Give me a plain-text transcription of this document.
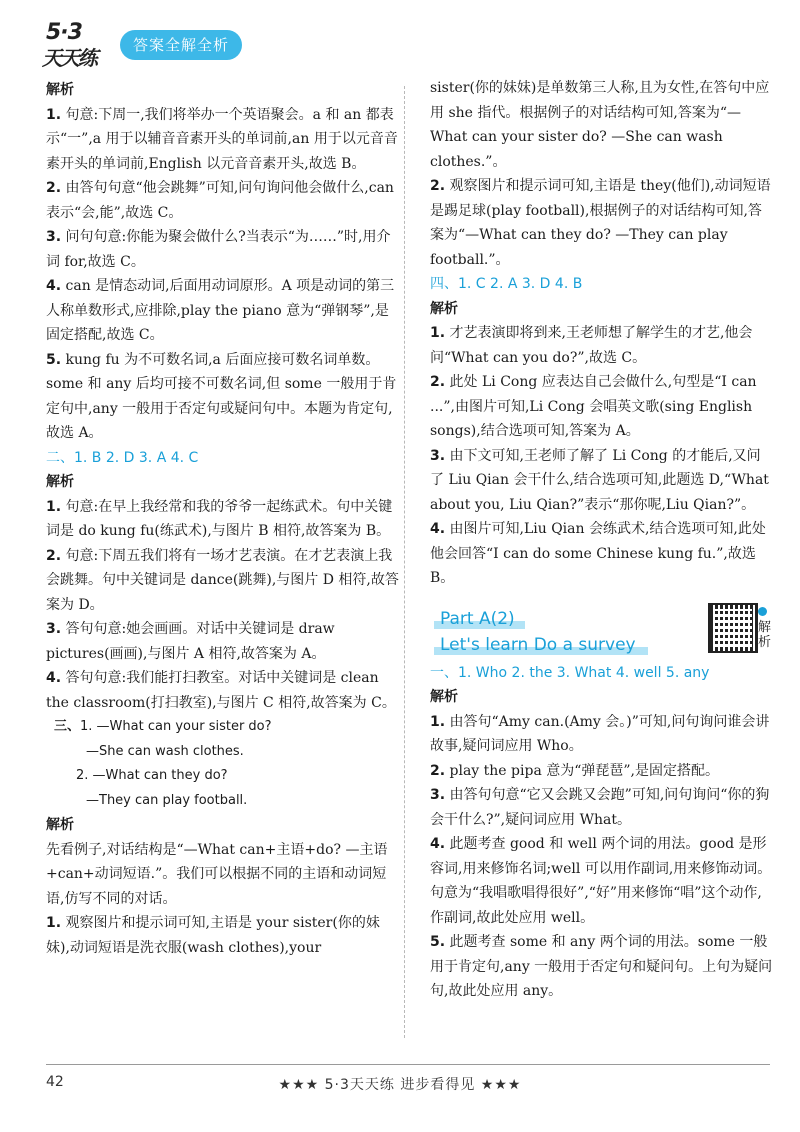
5·3
天天练
答案全解全析
解析

1. 句意:下周一,我们将举办一个英语聚会。a 和 an 都表示“一”,a 用于以辅音音素开头的单词前,an 用于以元音音素开头的单词前,English 以元音音素开头,故选 B。

2. 由答句句意“他会跳舞”可知,问句询问他会做什么,can 表示“会,能”,故选 C。

3. 问句句意:你能为聚会做什么?当表示“为……”时,用介词 for,故选 C。

4. can 是情态动词,后面用动词原形。A 项是动词的第三人称单数形式,应排除,play the piano 意为“弹钢琴”,是固定搭配,故选 C。

5. kung fu 为不可数名词,a 后面应接可数名词单数。some 和 any 后均可接不可数名词,但 some 一般用于肯定句中,any 一般用于否定句或疑问句中。本题为肯定句,故选 A。

二、1. B 2. D 3. A 4. C
解析

1. 句意:在早上我经常和我的爷爷一起练武术。句中关键词是 do kung fu(练武术),与图片 B 相符,故答案为 B。

2. 句意:下周五我们将有一场才艺表演。在才艺表演上我会跳舞。句中关键词是 dance(跳舞),与图片 D 相符,故答案为 D。

3. 答句句意:她会画画。对话中关键词是 draw pictures(画画),与图片 A 相符,故答案为 A。

4. 答句句意:我们能打扫教室。对话中关键词是 clean the classroom(打扫教室),与图片 C 相符,故答案为 C。

三、1. —What can your sister do?
—She can wash clothes.
2. —What can they do?
—They can play football.
解析

先看例子,对话结构是“—What can+主语+do? —主语+can+动词短语.”。我们可以根据不同的主语和动词短语,仿写不同的对话。

1. 观察图片和提示词可知,主语是 your sister(你的妹妹),动词短语是洗衣服(wash clothes),your

sister(你的妹妹)是单数第三人称,且为女性,在答句中应用 she 指代。根据例子的对话结构可知,答案为“—What can your sister do? —She can wash clothes.”。

2. 观察图片和提示词可知,主语是 they(他们),动词短语是踢足球(play football),根据例子的对话结构可知,答案为“—What can they do? —They can play football.”。

四、1. C 2. A 3. D 4. B
解析

1. 才艺表演即将到来,王老师想了解学生的才艺,他会问“What can you do?”,故选 C。

2. 此处 Li Cong 应表达自己会做什么,句型是“I can ...”,由图片可知,Li Cong 会唱英文歌(sing English songs),结合选项可知,答案为 A。

3. 由下文可知,王老师了解了 Li Cong 的才能后,又问了 Liu Qian 会干什么,结合选项可知,此题选 D,“What about you, Liu Qian?”表示“那你呢,Liu Qian?”。

4. 由图片可知,Liu Qian 会练武术,结合选项可知,此处他会回答“I can do some Chinese kung fu.”,故选 B。

Part A(2)
Let's learn Do a survey

解析
一、1. Who 2. the 3. What 4. well 5. any
解析

1. 由答句“Amy can.(Amy 会。)”可知,问句询问谁会讲故事,疑问词应用 Who。

2. play the pipa 意为“弹琵琶”,是固定搭配。

3. 由答句句意“它又会跳又会跑”可知,问句询问“你的狗会干什么?”,疑问词应用 What。

4. 此题考查 good 和 well 两个词的用法。good 是形容词,用来修饰名词;well 可以用作副词,用来修饰动词。句意为“我唱歌唱得很好”,“好”用来修饰“唱”这个动作,作副词,故此处应用 well。

5. 此题考查 some 和 any 两个词的用法。some 一般用于肯定句,any 一般用于否定句和疑问句。上句为疑问句,故此处应用 any。

42	★★★ 5·3天天练 进步看得见 ★★★
